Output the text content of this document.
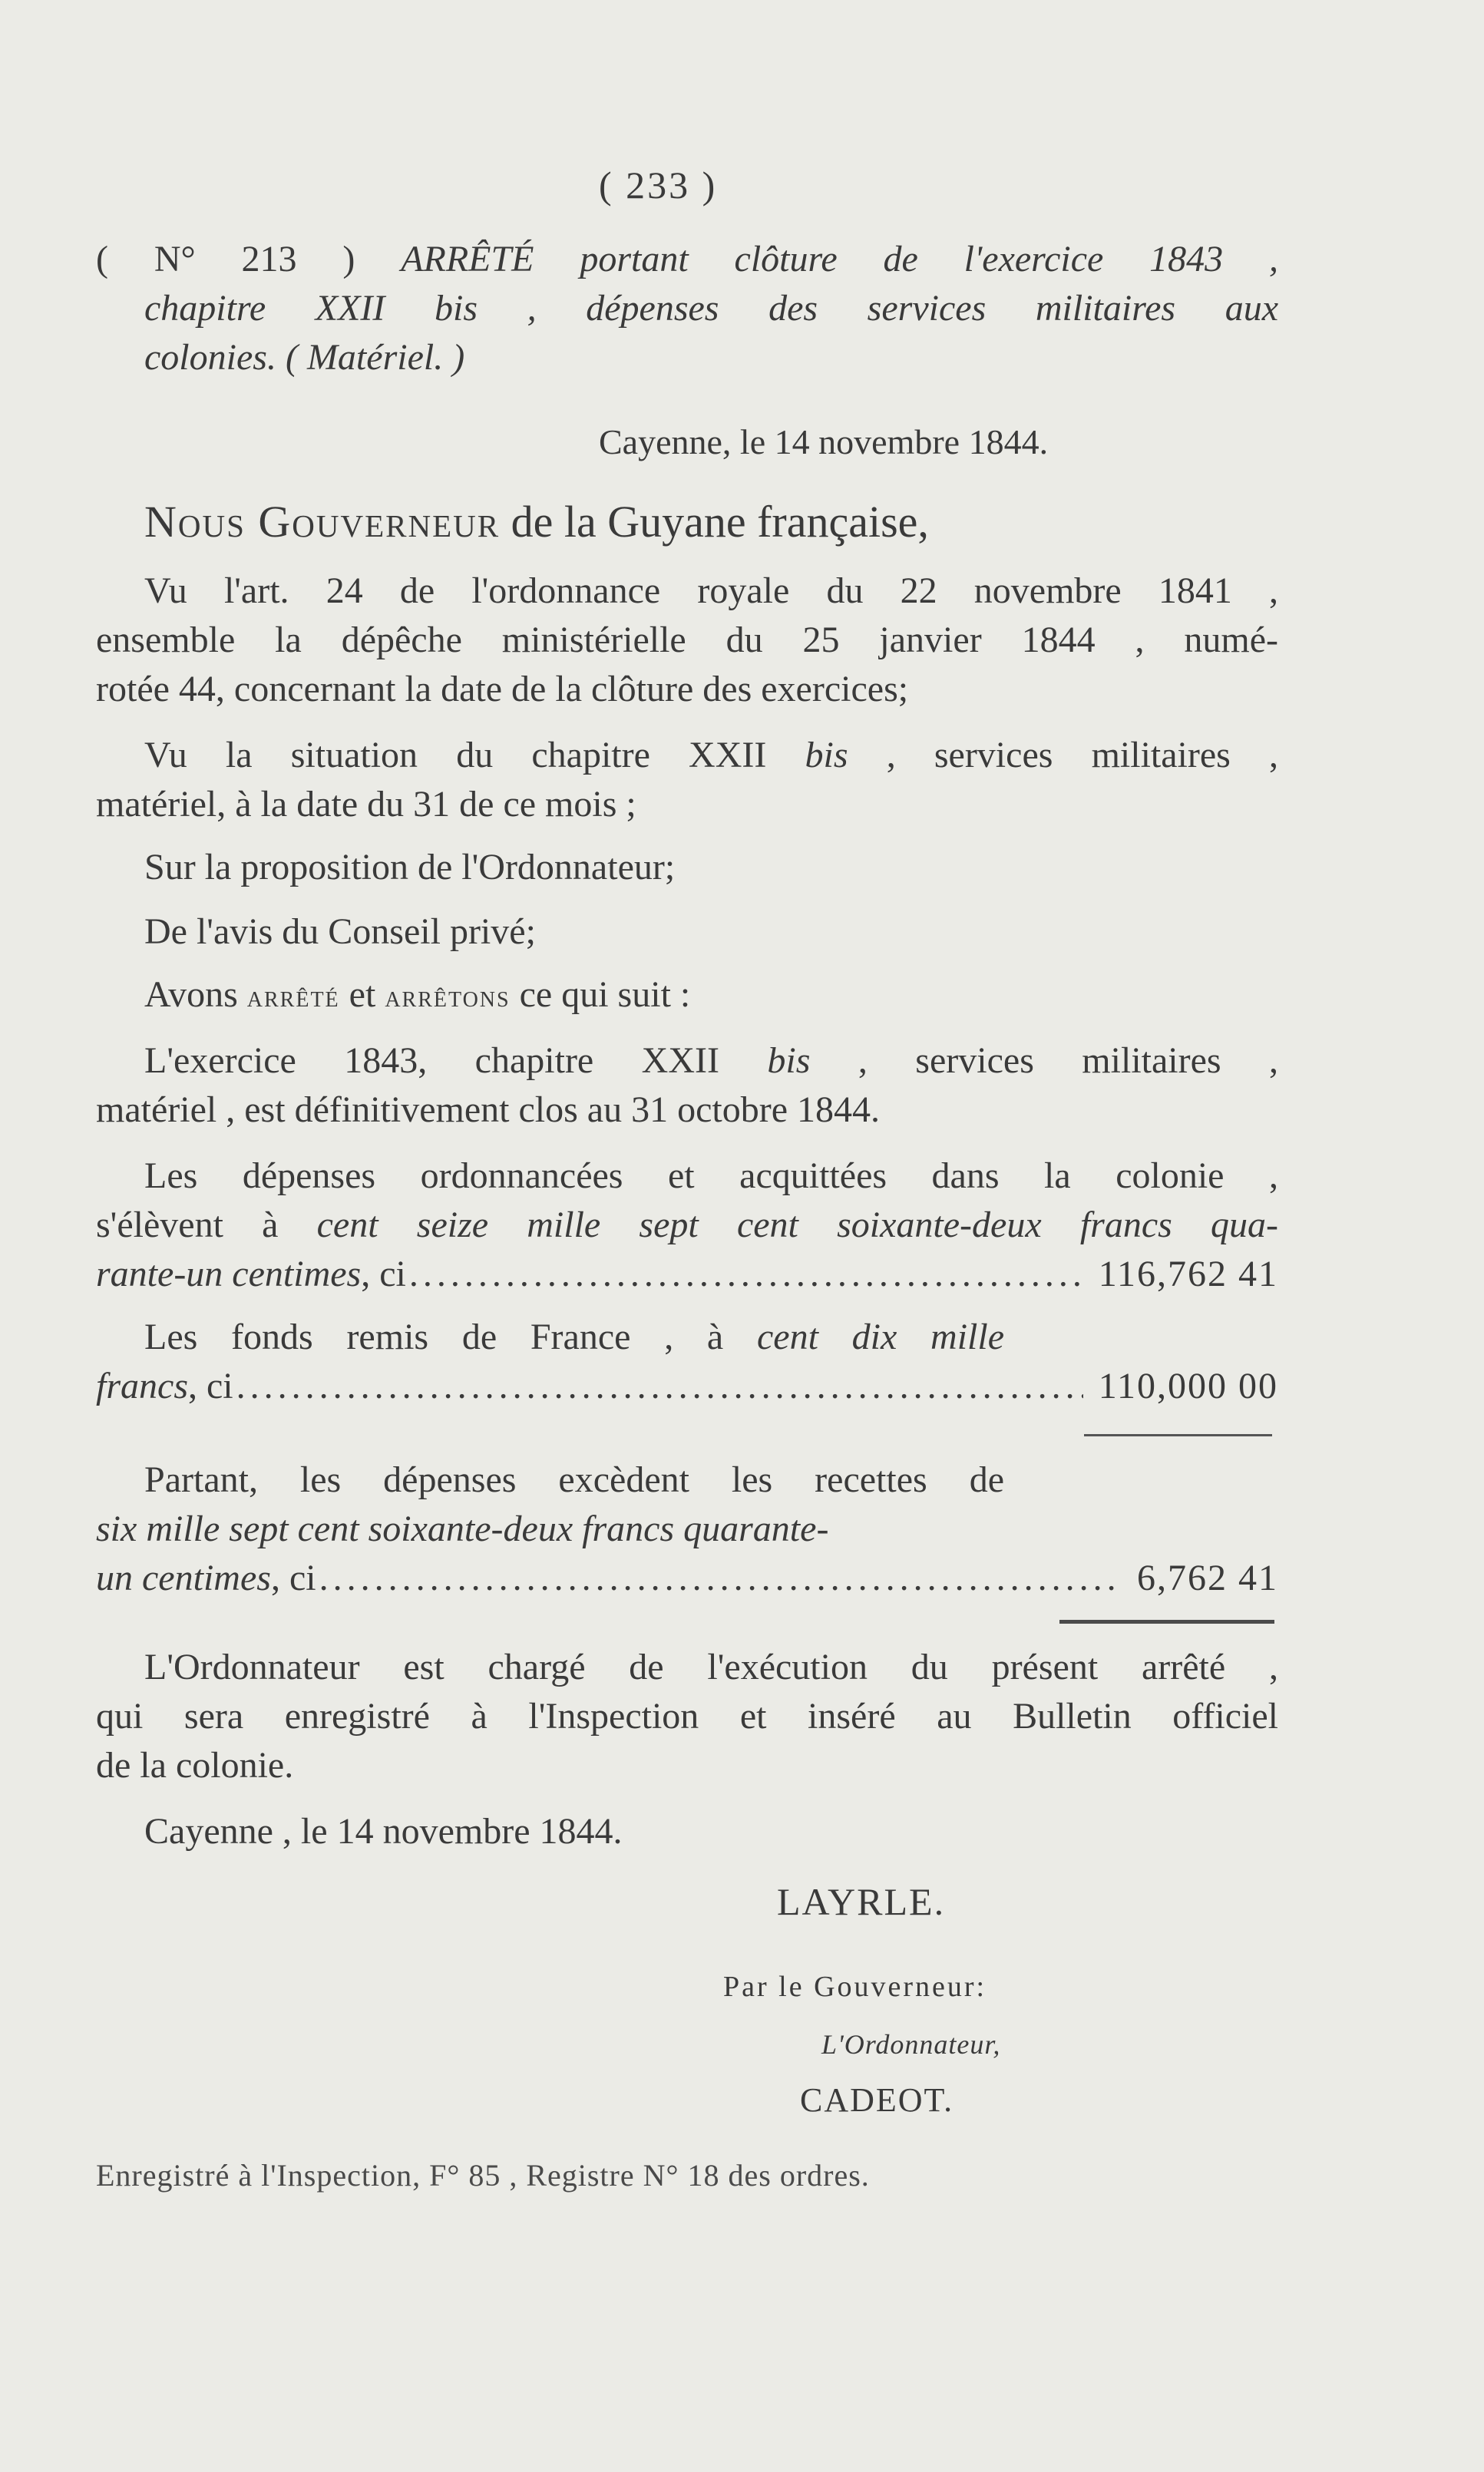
( 233 )
( N° 213 ) ARRÊTÉ portant clôture de l'exercice 1843 ,
chapitre XXII bis , dépenses des services militaires aux
colonies. ( Matériel. )
Cayenne, le 14 novembre 1844.
Nous Gouverneur de la Guyane française,
Vu l'art. 24 de l'ordonnance royale du 22 novembre 1841 ,
ensemble la dépêche ministérielle du 25 janvier 1844 , numé-
rotée 44, concernant la date de la clôture des exercices;
Vu la situation du chapitre XXII bis , services militaires ,
matériel, à la date du 31 de ce mois ;
Sur la proposition de l'Ordonnateur;
De l'avis du Conseil privé;
Avons arrêté et arrêtons ce qui suit :
L'exercice 1843, chapitre XXII bis , services militaires ,
matériel , est définitivement clos au 31 octobre 1844.
Les dépenses ordonnancées et acquittées dans la colonie ,
s'élèvent à cent seize mille sept cent soixante-deux francs qua-
rante-un centimes, ci .....	116,762 41
Les fonds remis de France , à cent dix mille
francs, ci .....	110,000 00
Partant, les dépenses excèdent les recettes de
six mille sept cent soixante-deux francs quarante-
un centimes, ci .....	6,762 41
L'Ordonnateur est chargé de l'exécution du présent arrêté ,
qui sera enregistré à l'Inspection et inséré au Bulletin officiel
de la colonie.
Cayenne , le 14 novembre 1844.
LAYRLE.
Par le Gouverneur:
L'Ordonnateur,
CADEOT.
Enregistré à l'Inspection, F° 85 , Registre N° 18 des ordres.
